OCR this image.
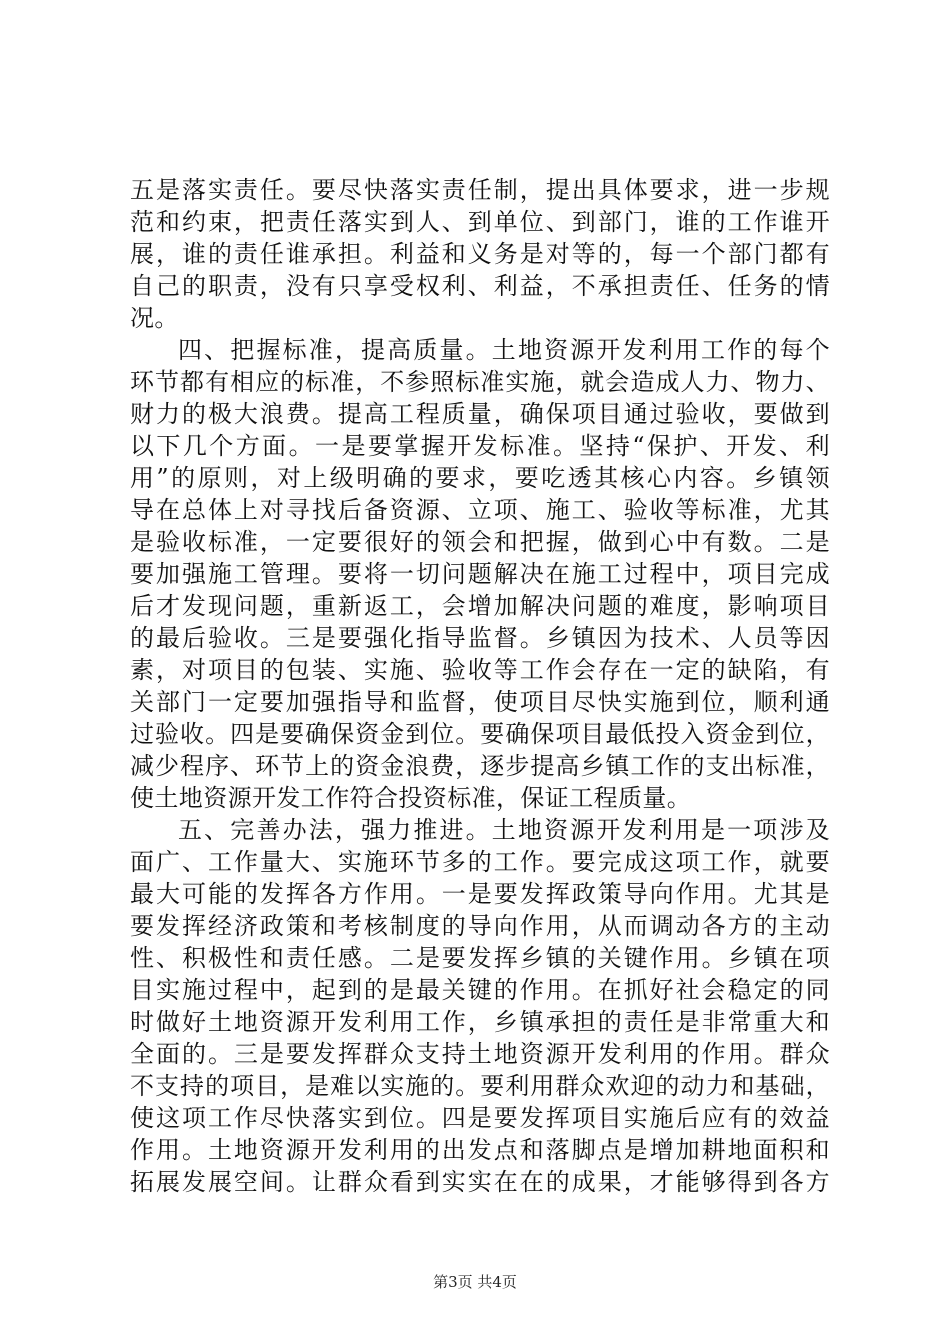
五是落实责任。要尽快落实责任制，提出具体要求，进一步规
范和约束，把责任落实到人、到单位、到部门，谁的工作谁开
展，谁的责任谁承担。利益和义务是对等的，每一个部门都有
自己的职责，没有只享受权利、利益，不承担责任、任务的情
况。
四、把握标准，提高质量。土地资源开发利用工作的每个
环节都有相应的标准，不参照标准实施，就会造成人力、物力、
财力的极大浪费。提高工程质量，确保项目通过验收，要做到
以下几个方面。一是要掌握开发标准。坚持“保护、开发、利
用”的原则，对上级明确的要求，要吃透其核心内容。乡镇领
导在总体上对寻找后备资源、立项、施工、验收等标准，尤其
是验收标准，一定要很好的领会和把握，做到心中有数。二是
要加强施工管理。要将一切问题解决在施工过程中，项目完成
后才发现问题，重新返工，会增加解决问题的难度，影响项目
的最后验收。三是要强化指导监督。乡镇因为技术、人员等因
素，对项目的包装、实施、验收等工作会存在一定的缺陷，有
关部门一定要加强指导和监督，使项目尽快实施到位，顺利通
过验收。四是要确保资金到位。要确保项目最低投入资金到位，
减少程序、环节上的资金浪费，逐步提高乡镇工作的支出标准，
使土地资源开发工作符合投资标准，保证工程质量。
五、完善办法，强力推进。土地资源开发利用是一项涉及
面广、工作量大、实施环节多的工作。要完成这项工作，就要
最大可能的发挥各方作用。一是要发挥政策导向作用。尤其是
要发挥经济政策和考核制度的导向作用，从而调动各方的主动
性、积极性和责任感。二是要发挥乡镇的关键作用。乡镇在项
目实施过程中，起到的是最关键的作用。在抓好社会稳定的同
时做好土地资源开发利用工作，乡镇承担的责任是非常重大和
全面的。三是要发挥群众支持土地资源开发利用的作用。群众
不支持的项目，是难以实施的。要利用群众欢迎的动力和基础，
使这项工作尽快落实到位。四是要发挥项目实施后应有的效益
作用。土地资源开发利用的出发点和落脚点是增加耕地面积和
拓展发展空间。让群众看到实实在在的成果，才能够得到各方
第3页 共4页
